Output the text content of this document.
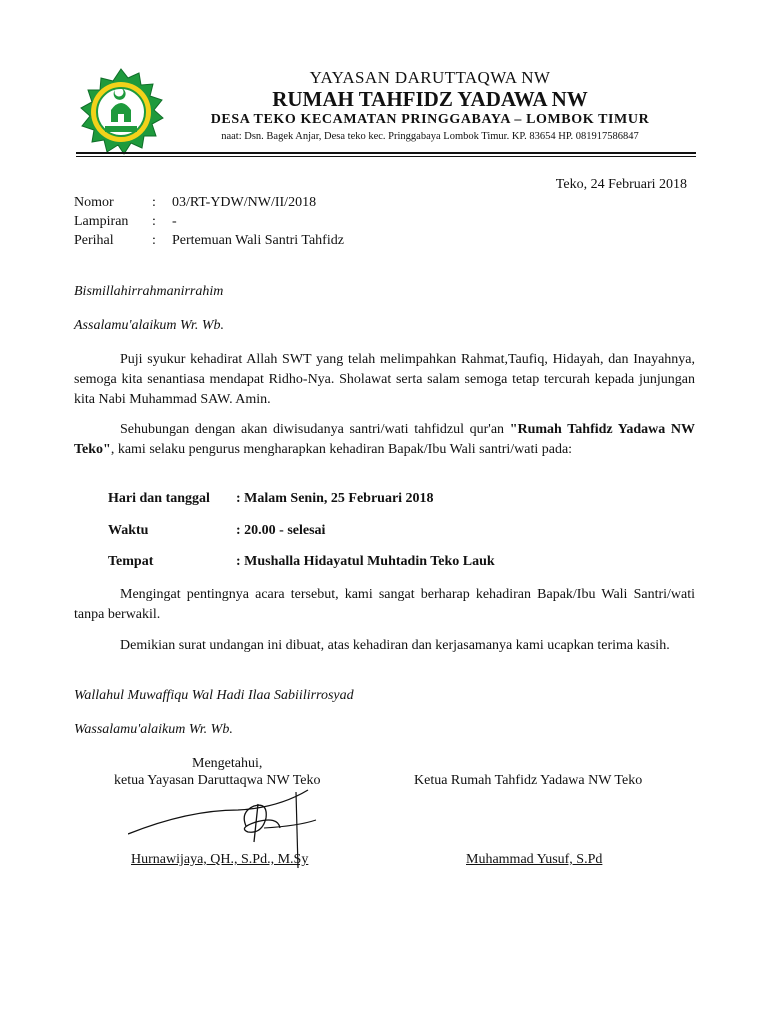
YAYASAN DARUTTAQWA NW
RUMAH TAHFIDZ YADAWA NW
DESA TEKO KECAMATAN PRINGGABAYA – LOMBOK TIMUR
naat: Dsn. Bagek Anjar, Desa teko kec. Pringgabaya Lombok Timur. KP. 83654 HP. 081917586847
Teko, 24 Februari 2018
Nomor	:	03/RT-YDW/NW/II/2018
Lampiran	:	-
Perihal	:	Pertemuan Wali Santri Tahfidz
Bismillahirrahmanirrahim
Assalamu'alaikum Wr. Wb.
Puji syukur kehadirat Allah SWT yang telah melimpahkan Rahmat,Taufiq, Hidayah, dan Inayahnya, semoga kita senantiasa mendapat Ridho-Nya. Sholawat serta salam semoga tetap tercurah kepada junjungan kita Nabi Muhammad SAW. Amin.
Sehubungan dengan akan diwisudanya santri/wati tahfidzul qur'an "Rumah Tahfidz Yadawa NW Teko", kami selaku pengurus mengharapkan kehadiran Bapak/Ibu Wali santri/wati pada:
Hari dan tanggal	: Malam Senin, 25 Februari 2018
Waktu	: 20.00 - selesai
Tempat	: Mushalla Hidayatul Muhtadin Teko Lauk
Mengingat pentingnya acara tersebut, kami sangat berharap kehadiran Bapak/Ibu Wali Santri/wati tanpa berwakil.
Demikian surat undangan ini dibuat, atas kehadiran dan kerjasamanya kami ucapkan terima kasih.
Wallahul Muwaffiqu Wal Hadi Ilaa Sabiilirrosyad
Wassalamu'alaikum Wr. Wb.
Mengetahui,
ketua Yayasan Daruttaqwa NW Teko	Ketua Rumah Tahfidz Yadawa NW Teko
Hurnawijaya, QH., S.Pd., M.Sy	Muhammad Yusuf, S.Pd
